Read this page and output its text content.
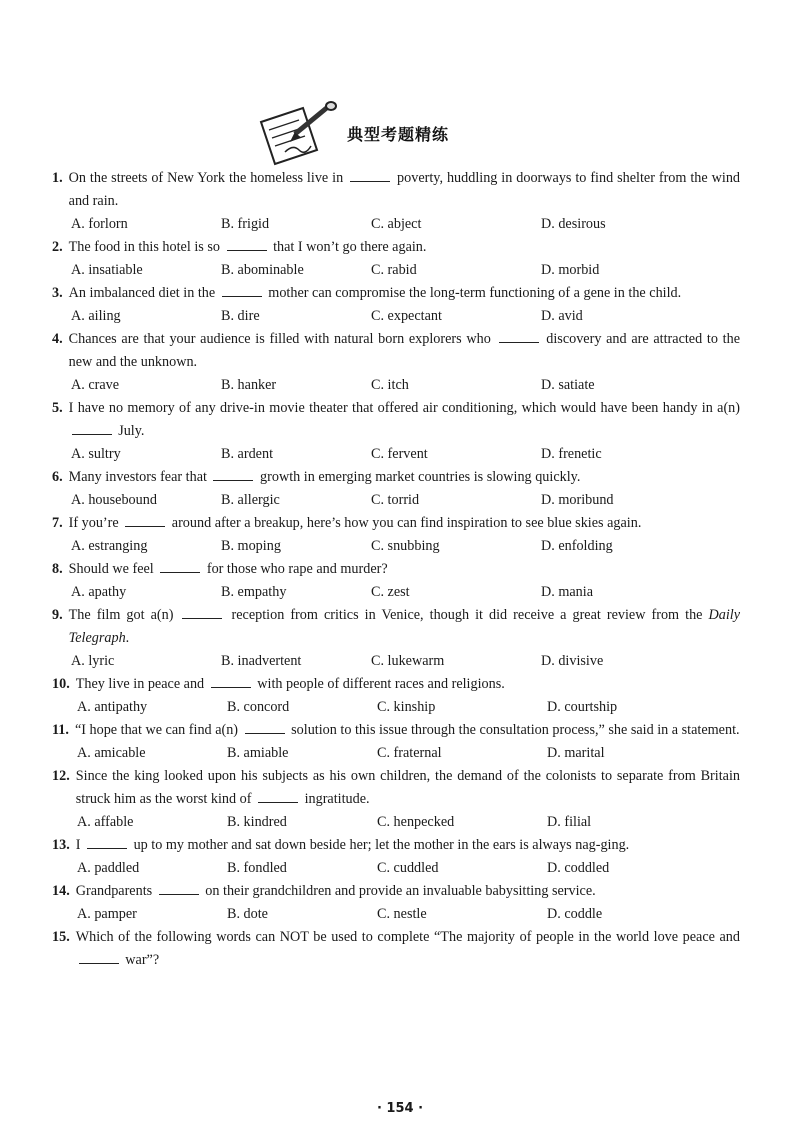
典型考题精练
1. On the streets of New York the homeless live in	poverty, huddling in doorways to find shelter from the wind and rain.
A. forlorn	B. frigid	C. abject	D. desirous
2. The food in this hotel is so	that I won’t go there again.
A. insatiable	B. abominable	C. rabid	D. morbid
3. An imbalanced diet in the	mother can compromise the long-term functioning of a gene in the child.
A. ailing	B. dire	C. expectant	D. avid
4. Chances are that your audience is filled with natural born explorers who	discovery and are attracted to the new and the unknown.
A. crave	B. hanker	C. itch	D. satiate
5. I have no memory of any drive-in movie theater that offered air conditioning, which would have been handy in a(n)  July.
A. sultry	B. ardent	C. fervent	D. frenetic
6. Many investors fear that	growth in emerging market countries is slowing quickly.
A. housebound	B. allergic	C. torrid	D. moribund
7. If you’re	around after a breakup, here’s how you can find inspiration to see blue skies again.
A. estranging	B. moping	C. snubbing	D. enfolding
8. Should we feel	for those who rape and murder?
A. apathy	B. empathy	C. zest	D. mania
9. The film got a(n)	reception from critics in Venice, though it did receive a great review from the Daily Telegraph.
A. lyric	B. inadvertent	C. lukewarm	D. divisive
10. They live in peace and	with people of different races and religions.
A. antipathy	B. concord	C. kinship	D. courtship
11. “I hope that we can find a(n)	solution to this issue through the consultation process,” she said in a statement.
A. amicable	B. amiable	C. fraternal	D. marital
12. Since the king looked upon his subjects as his own children, the demand of the colonists to separate from Britain struck him as the worst kind of	ingratitude.
A. affable	B. kindred	C. henpecked	D. filial
13. I	up to my mother and sat down beside her; let the mother in the ears is always nag-ging.
A. paddled	B. fondled	C. cuddled	D. coddled
14. Grandparents	on their grandchildren and provide an invaluable babysitting service.
A. pamper	B. dote	C. nestle	D. coddle
15. Which of the following words can NOT be used to complete “The majority of people in the world love peace and  war”?
· 154 ·
